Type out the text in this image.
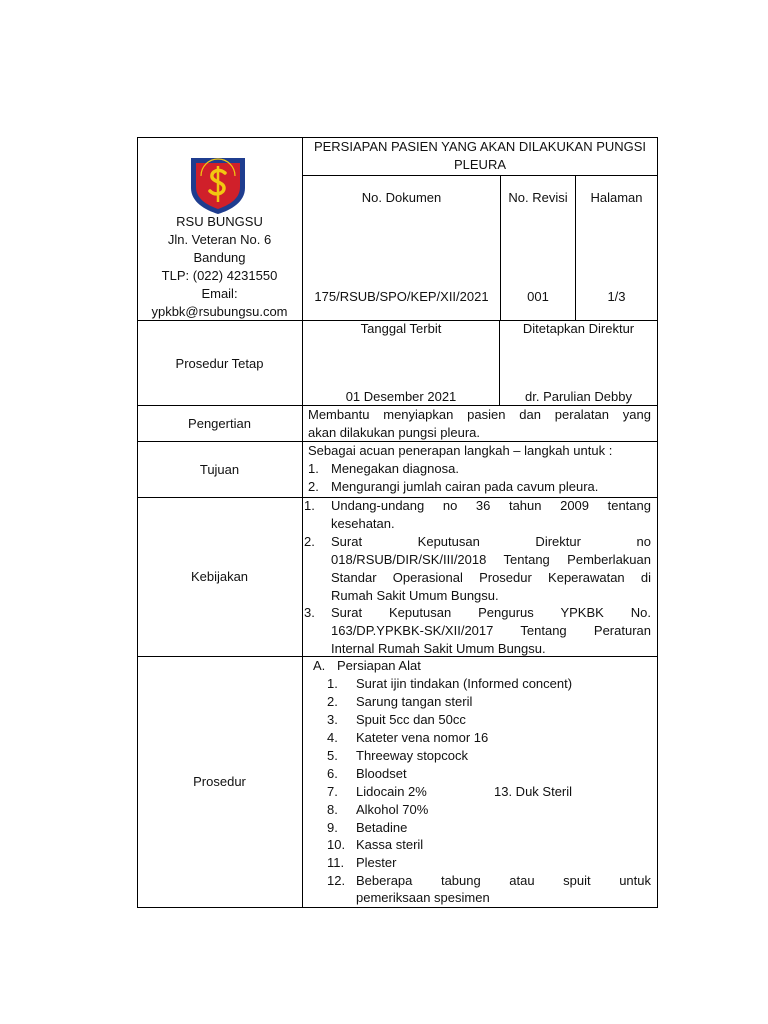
RSU BUNGSU
Jln. Veteran No. 6
Bandung
TLP: (022) 4231550
Email:
ypkbk@rsubungsu.com
PERSIAPAN PASIEN YANG AKAN DILAKUKAN PUNGSI
PLEURA
No. Dokumen	No. Revisi	Halaman
175/RSUB/SPO/KEP/XII/2021	001	1/3
Prosedur Tetap
Tanggal Terbit	Ditetapkan Direktur
01 Desember 2021	dr. Parulian Debby
Pengertian
Membantu menyiapkan pasien dan peralatan yang
akan dilakukan pungsi pleura.
Tujuan
Sebagai acuan penerapan langkah – langkah untuk :
1. Menegakan diagnosa.
2. Mengurangi jumlah cairan pada cavum pleura.
Kebijakan
1.	Undang-undang no 36 tahun 2009 tentang
kesehatan.
2.	Surat Keputusan Direktur no
018/RSUB/DIR/SK/III/2018 Tentang Pemberlakuan
Standar Operasional Prosedur Keperawatan di
Rumah Sakit Umum Bungsu.
3.	Surat Keputusan Pengurus YPKBK No.
163/DP.YPKBK-SK/XII/2017 Tentang Peraturan
Internal Rumah Sakit Umum Bungsu.
Prosedur
A. Persiapan Alat
1.	Surat ijin tindakan (Informed concent)
2.	Sarung tangan steril
3.	Spuit 5cc dan 50cc
4.	Kateter vena nomor 16
5.	Threeway stopcock
6.	Bloodset
7.	Lidocain 2%	13. Duk Steril
8.	Alkohol 70%
9.	Betadine
10. Kassa steril
11. Plester
12. Beberapa tabung atau spuit untuk
pemeriksaan spesimen
